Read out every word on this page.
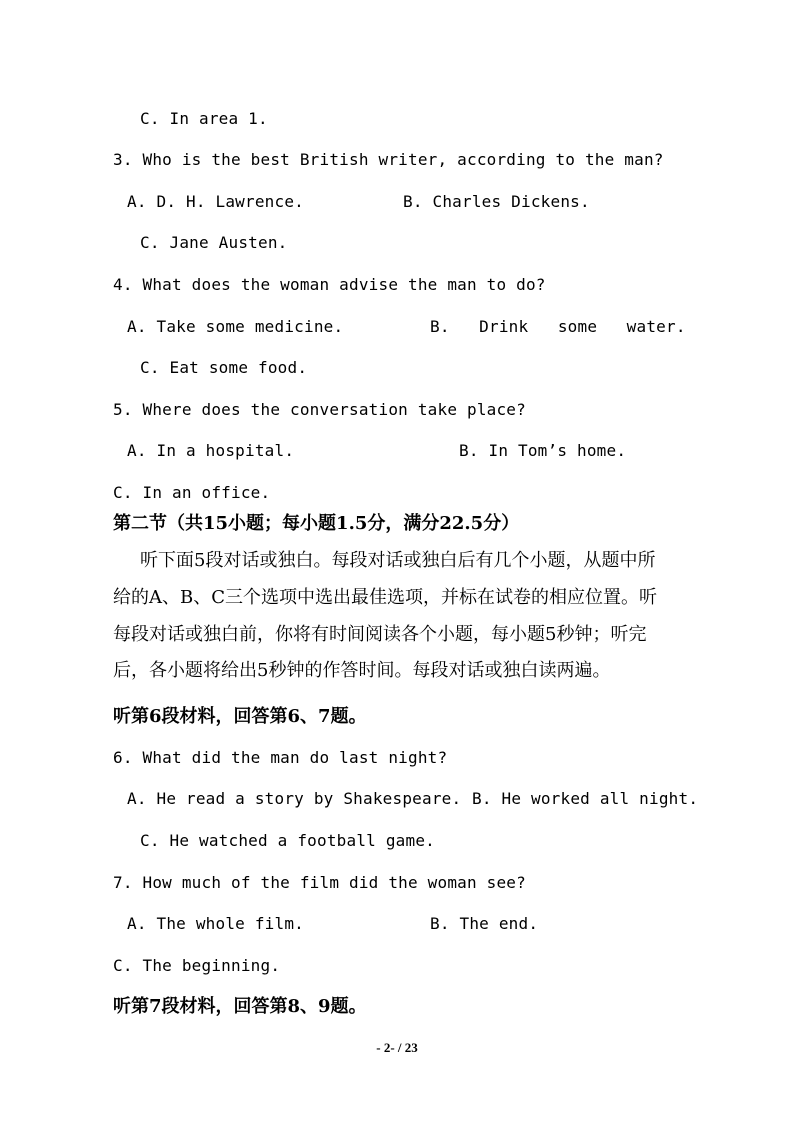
C. In area 1.
3. Who is the best British writer, according to the man?
A. D. H. Lawrence.	B. Charles Dickens.
C. Jane Austen.
4. What does the woman advise the man to do?
A. Take some medicine.	B.   Drink   some   water.
C. Eat some food.
5. Where does the conversation take place?
A. In a hospital.	B. In Tom’s home.
C. In an office.
第二节（共15小题；每小题1.5分，满分22.5分）
听下面5段对话或独白。每段对话或独白后有几个小题，从题中所
给的A、B、C三个选项中选出最佳选项，并标在试卷的相应位置。听
每段对话或独白前，你将有时间阅读各个小题，每小题5秒钟；听完
后，各小题将给出5秒钟的作答时间。每段对话或独白读两遍。
听第6段材料，回答第6、7题。
6. What did the man do last night?
A. He read a story by Shakespeare. B. He worked all night.
C. He watched a football game.
7. How much of the film did the woman see?
A. The whole film.	B. The end.
C. The beginning.
听第7段材料，回答第8、9题。
- 2- / 23
